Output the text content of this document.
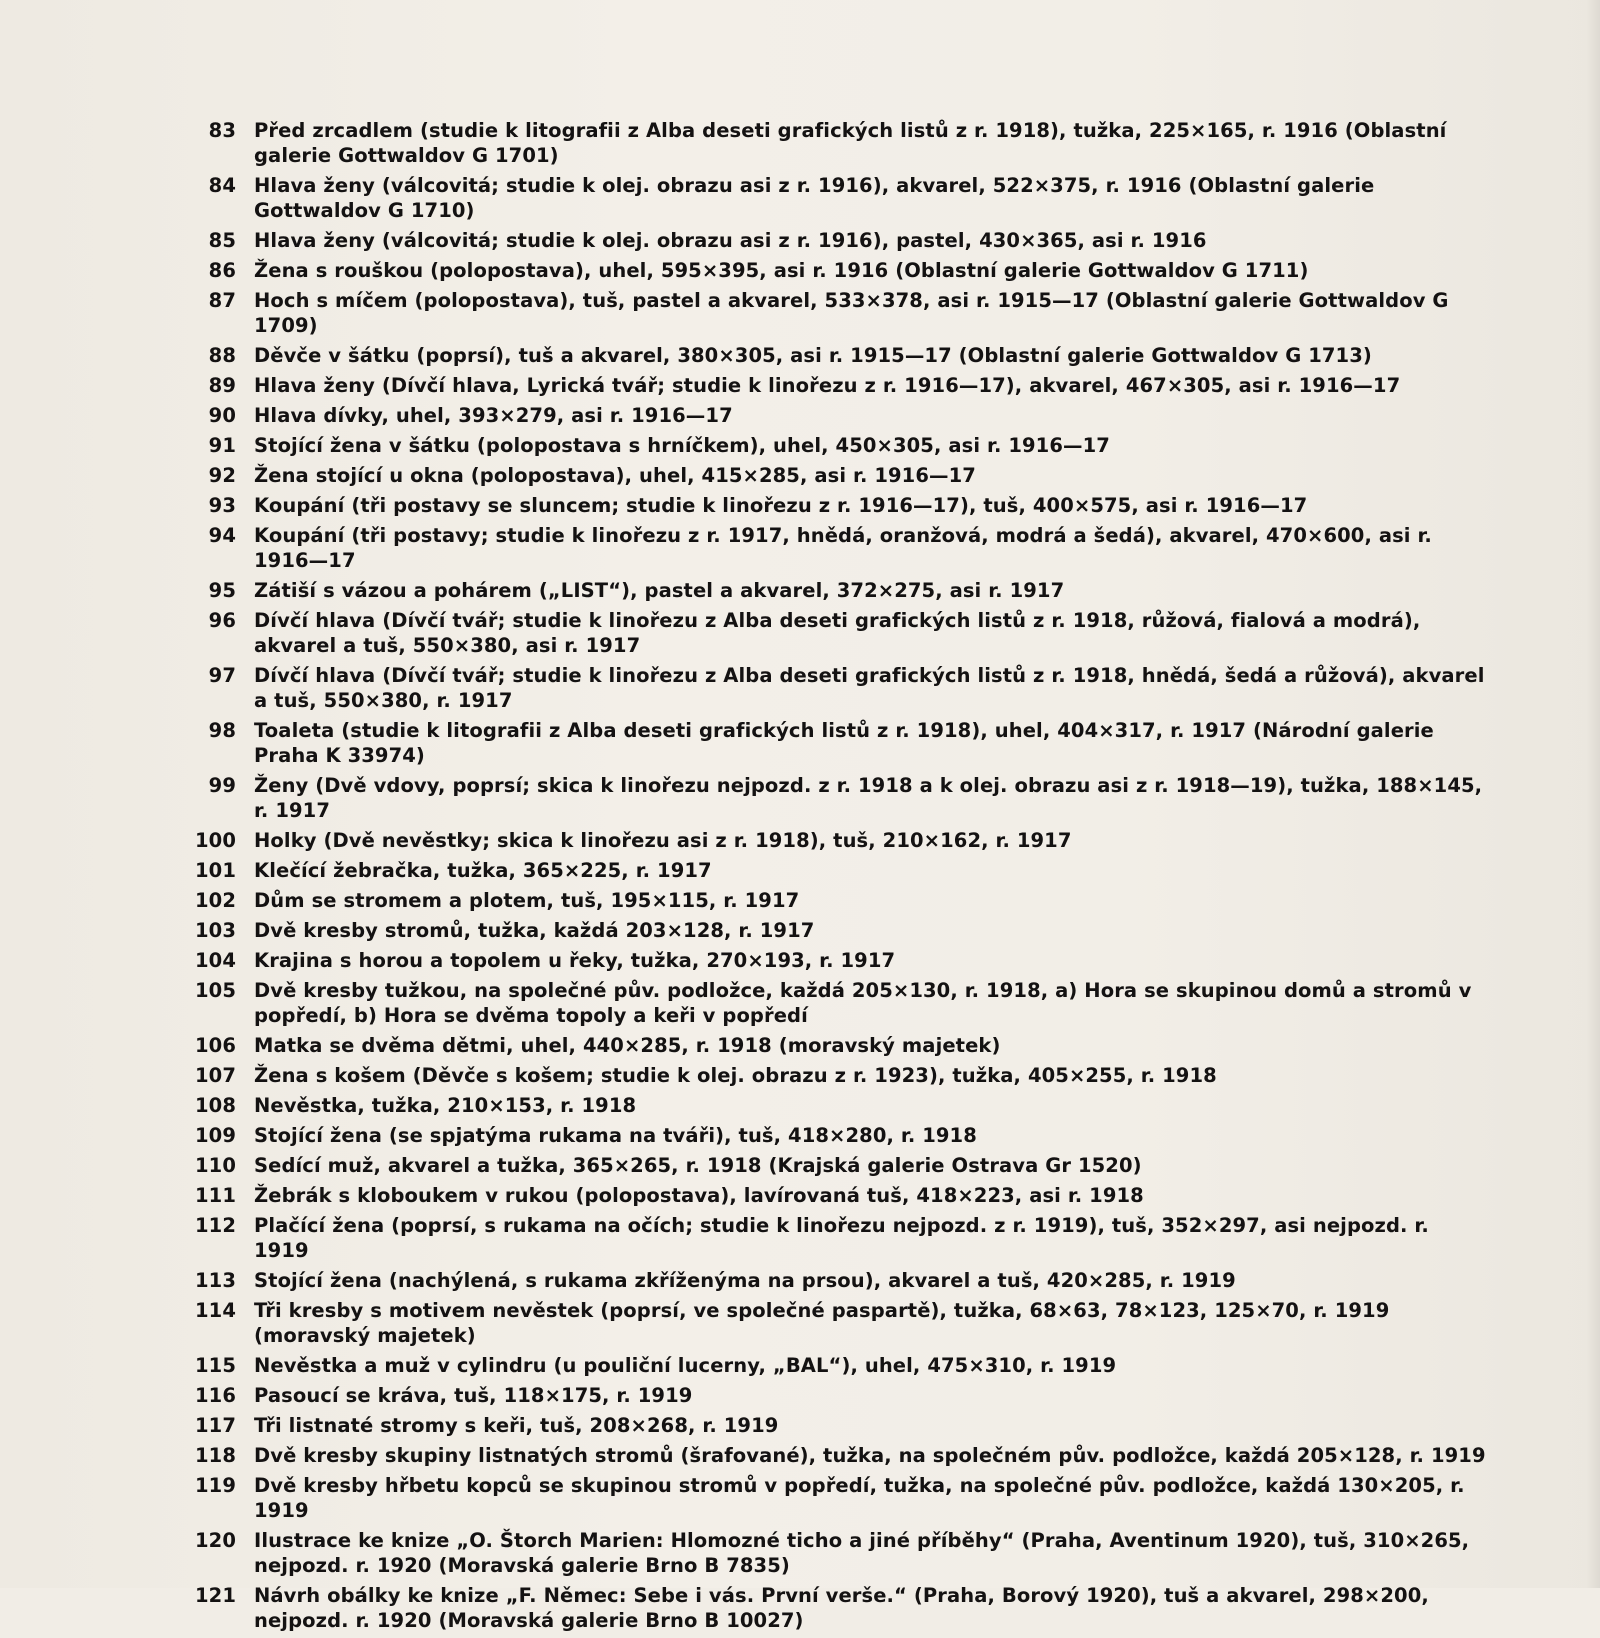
83 Před zrcadlem (studie k litografii z Alba deseti grafických listů z r. 1918), tužka, 225×165, r. 1916 (Oblastní galerie Gottwaldov G 1701)
84 Hlava ženy (válcovitá; studie k olej. obrazu asi z r. 1916), akvarel, 522×375, r. 1916 (Oblastní galerie Gottwaldov G 1710)
85 Hlava ženy (válcovitá; studie k olej. obrazu asi z r. 1916), pastel, 430×365, asi r. 1916
86 Žena s rouškou (polopostava), uhel, 595×395, asi r. 1916 (Oblastní galerie Gottwaldov G 1711)
87 Hoch s míčem (polopostava), tuš, pastel a akvarel, 533×378, asi r. 1915—17 (Oblastní galerie Gottwaldov G 1709)
88 Děvče v šátku (poprsí), tuš a akvarel, 380×305, asi r. 1915—17 (Oblastní galerie Gottwaldov G 1713)
89 Hlava ženy (Dívčí hlava, Lyrická tvář; studie k linořezu z r. 1916—17), akvarel, 467×305, asi r. 1916—17
90 Hlava dívky, uhel, 393×279, asi r. 1916—17
91 Stojící žena v šátku (polopostava s hrníčkem), uhel, 450×305, asi r. 1916—17
92 Žena stojící u okna (polopostava), uhel, 415×285, asi r. 1916—17
93 Koupání (tři postavy se sluncem; studie k linořezu z r. 1916—17), tuš, 400×575, asi r. 1916—17
94 Koupání (tři postavy; studie k linořezu z r. 1917, hnědá, oranžová, modrá a šedá), akvarel, 470×600, asi r. 1916—17
95 Zátiší s vázou a pohárem („LIST“), pastel a akvarel, 372×275, asi r. 1917
96 Dívčí hlava (Dívčí tvář; studie k linořezu z Alba deseti grafických listů z r. 1918, růžová, fialová a modrá), akvarel a tuš, 550×380, asi r. 1917
97 Dívčí hlava (Dívčí tvář; studie k linořezu z Alba deseti grafických listů z r. 1918, hnědá, šedá a růžová), akvarel a tuš, 550×380, r. 1917
98 Toaleta (studie k litografii z Alba deseti grafických listů z r. 1918), uhel, 404×317, r. 1917 (Národní galerie Praha K 33974)
99 Ženy (Dvě vdovy, poprsí; skica k linořezu nejpozd. z r. 1918 a k olej. obrazu asi z r. 1918—19), tužka, 188×145, r. 1917
100 Holky (Dvě nevěstky; skica k linořezu asi z r. 1918), tuš, 210×162, r. 1917
101 Klečící žebračka, tužka, 365×225, r. 1917
102 Dům se stromem a plotem, tuš, 195×115, r. 1917
103 Dvě kresby stromů, tužka, každá 203×128, r. 1917
104 Krajina s horou a topolem u řeky, tužka, 270×193, r. 1917
105 Dvě kresby tužkou, na společné pův. podložce, každá 205×130, r. 1918, a) Hora se skupinou domů a stromů v popředí, b) Hora se dvěma topoly a keři v popředí
106 Matka se dvěma dětmi, uhel, 440×285, r. 1918 (moravský majetek)
107 Žena s košem (Děvče s košem; studie k olej. obrazu z r. 1923), tužka, 405×255, r. 1918
108 Nevěstka, tužka, 210×153, r. 1918
109 Stojící žena (se spjatýma rukama na tváři), tuš, 418×280, r. 1918
110 Sedící muž, akvarel a tužka, 365×265, r. 1918 (Krajská galerie Ostrava Gr 1520)
111 Žebrák s kloboukem v rukou (polopostava), lavírovaná tuš, 418×223, asi r. 1918
112 Plačící žena (poprsí, s rukama na očích; studie k linořezu nejpozd. z r. 1919), tuš, 352×297, asi nejpozd. r. 1919
113 Stojící žena (nachýlená, s rukama zkříženýma na prsou), akvarel a tuš, 420×285, r. 1919
114 Tři kresby s motivem nevěstek (poprsí, ve společné paspartě), tužka, 68×63, 78×123, 125×70, r. 1919 (moravský majetek)
115 Nevěstka a muž v cylindru (u pouliční lucerny, „BAL“), uhel, 475×310, r. 1919
116 Pasoucí se kráva, tuš, 118×175, r. 1919
117 Tři listnaté stromy s keři, tuš, 208×268, r. 1919
118 Dvě kresby skupiny listnatých stromů (šrafované), tužka, na společném pův. podložce, každá 205×128, r. 1919
119 Dvě kresby hřbetu kopců se skupinou stromů v popředí, tužka, na společné pův. podložce, každá 130×205, r. 1919
120 Ilustrace ke knize „O. Štorch Marien: Hlomozné ticho a jiné příběhy“ (Praha, Aventinum 1920), tuš, 310×265, nejpozd. r. 1920 (Moravská galerie Brno B 7835)
121 Návrh obálky ke knize „F. Němec: Sebe i vás. První verše.“ (Praha, Borový 1920), tuš a akvarel, 298×200, nejpozd. r. 1920 (Moravská galerie Brno B 10027)
